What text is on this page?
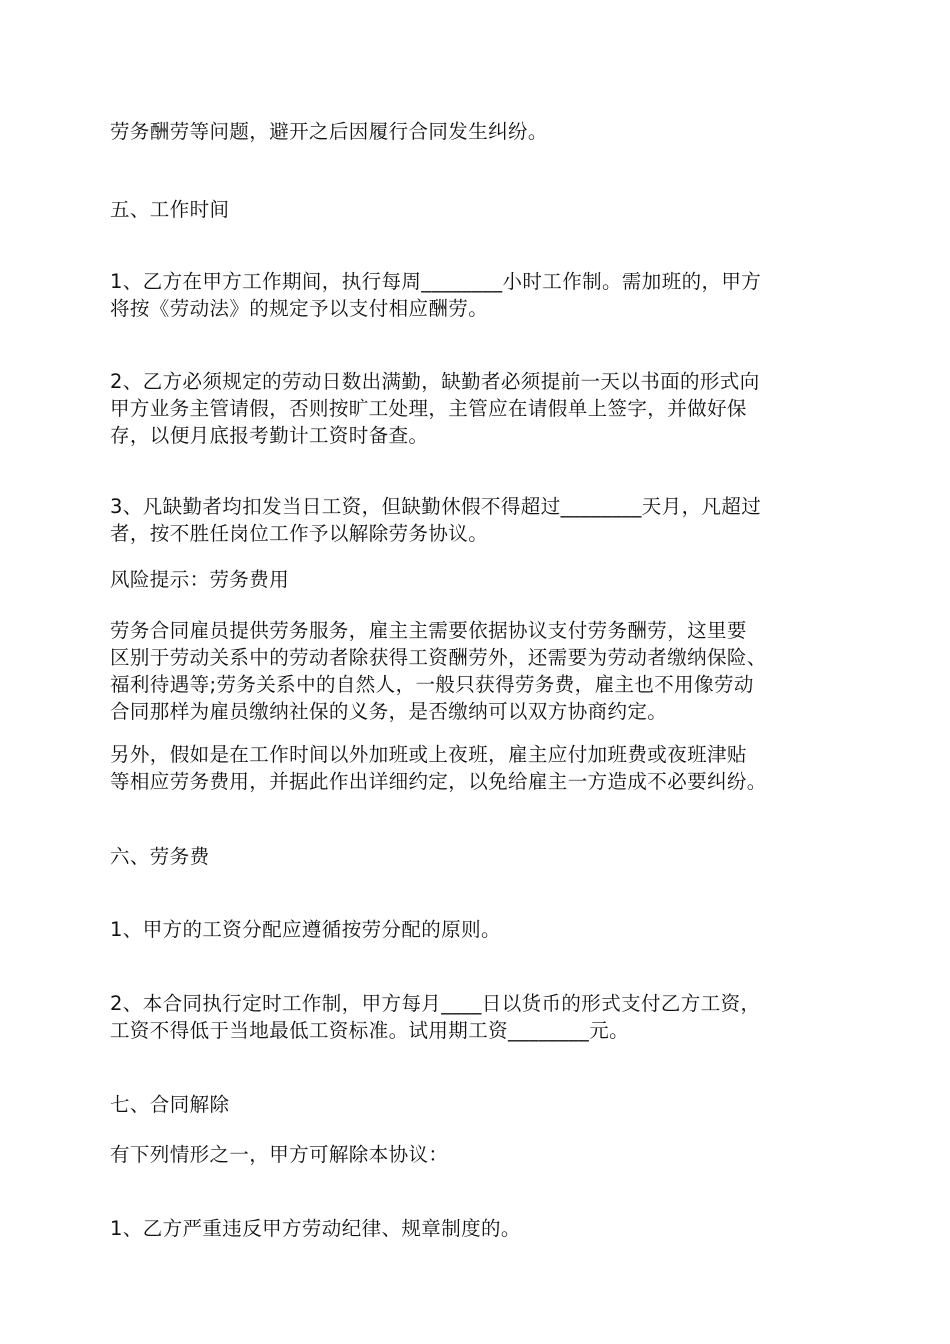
劳务酬劳等问题，避开之后因履行合同发生纠纷。

五、工作时间

1、乙方在甲方工作期间，执行每周________小时工作制。需加班的，甲方
将按《劳动法》的规定予以支付相应酬劳。

2、乙方必须规定的劳动日数出满勤，缺勤者必须提前一天以书面的形式向
甲方业务主管请假，否则按旷工处理，主管应在请假单上签字，并做好保
存，以便月底报考勤计工资时备查。

3、凡缺勤者均扣发当日工资，但缺勤休假不得超过________天月，凡超过
者，按不胜任岗位工作予以解除劳务协议。

风险提示：劳务费用

劳务合同雇员提供劳务服务，雇主主需要依据协议支付劳务酬劳，这里要
区别于劳动关系中的劳动者除获得工资酬劳外，还需要为劳动者缴纳保险、
福利待遇等;劳务关系中的自然人，一般只获得劳务费，雇主也不用像劳动
合同那样为雇员缴纳社保的义务，是否缴纳可以双方协商约定。

另外，假如是在工作时间以外加班或上夜班，雇主应付加班费或夜班津贴
等相应劳务费用，并据此作出详细约定，以免给雇主一方造成不必要纠纷。

六、劳务费

1、甲方的工资分配应遵循按劳分配的原则。

2、本合同执行定时工作制，甲方每月____日以货币的形式支付乙方工资，
工资不得低于当地最低工资标准。试用期工资________元。

七、合同解除

有下列情形之一，甲方可解除本协议：

1、乙方严重违反甲方劳动纪律、规章制度的。
